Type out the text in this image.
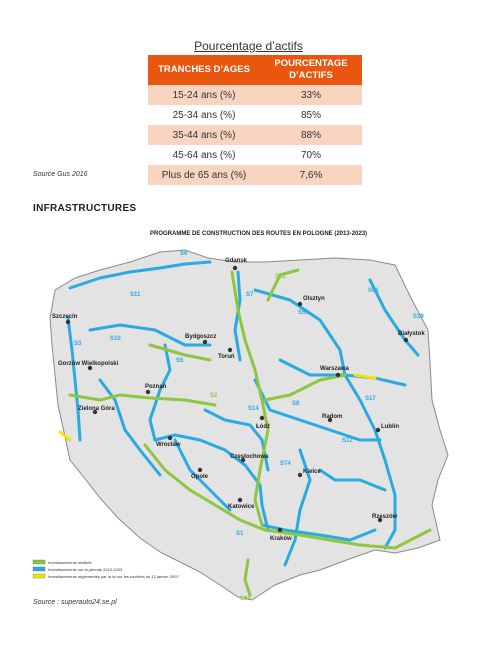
Pourcentage d’actifs
TRANCHES D’AGES	POURCENTAGE
D’ACTIFS
15-24 ans (%)	33%
25-34 ans (%)	85%
35-44 ans (%)	88%
45-64 ans (%)	70%
Plus de 65 ans (%)	7,6%
Source Gus 2016
INFRASTRUCTURES
PROGRAMME DE CONSTRUCTION DES ROUTES EN POLOGNE (2013-2023)
Gdańsk
Szczecin
Bydgoszcz
Toruń
Olsztyn
Białystok
Gorzów Wielkopolski
Poznań
Zielona Góra
Warszawa
Łódź
Wrocław
Radom
Lublin
Opole
Częstochowa
Kielce
Katowice
Kraków
Rzeszów
S6
S3
S11
S10
S5
S7
S22
S51
S61
S19
S8
S12
S17
S74
S1
S69
S14
S2
Investissements réalisés
Investissements sur la période 2013-2023
Investissements réglementés par la loi sur les sociétés du 12 janvier 2007
Source : superauto24.se.pl
